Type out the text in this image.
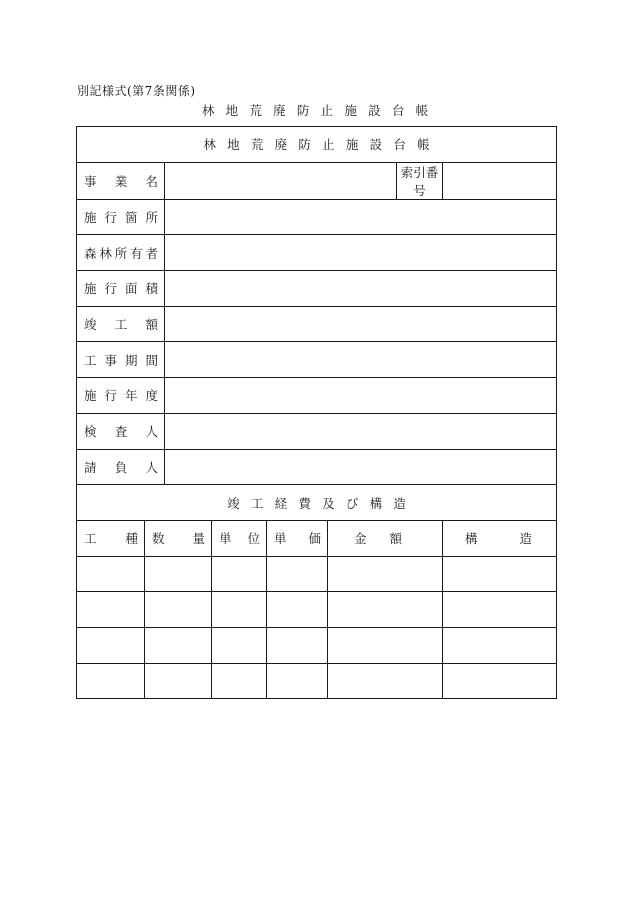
別記様式(第7条関係)
林地荒廃防止施設台帳
林地荒廃防止施設台帳							

事 業 名						索引番号	

施 行 箇 所							

森 林 所 有 者							

施 行 面 積							

竣 工 額							

工 事 期 間							

施 行 年 度							

検 査 人							

請 負 人							

竣工経費及び構造							

工 種	数 量		単 位	単 価	金 額		構 造
